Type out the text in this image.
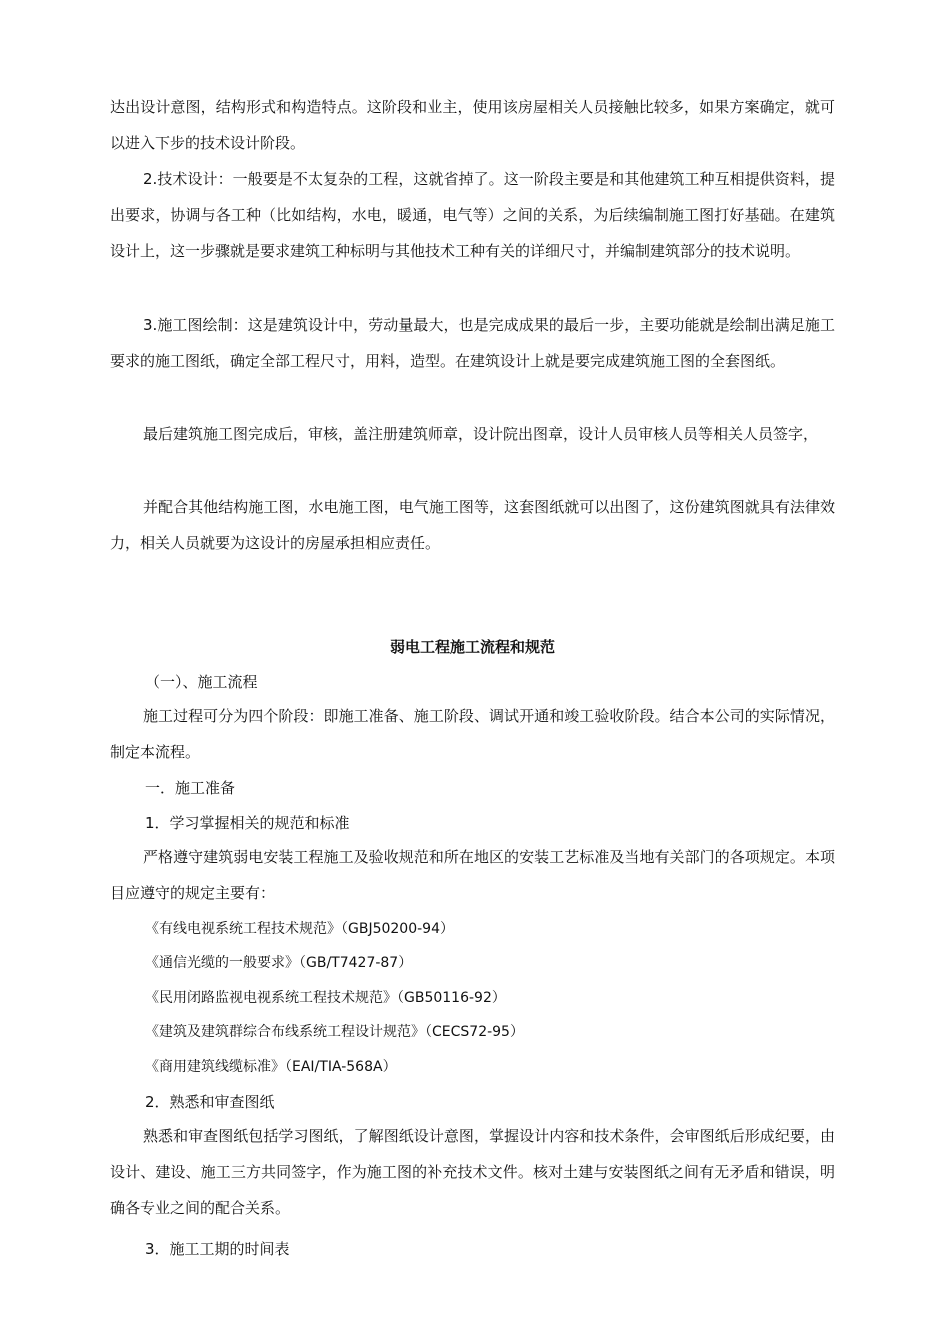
达出设计意图，结构形式和构造特点。这阶段和业主，使用该房屋相关人员接触比较多，如果方案确定，就可以进入下步的技术设计阶段。
2.技术设计：一般要是不太复杂的工程，这就省掉了。这一阶段主要是和其他建筑工种互相提供资料，提出要求，协调与各工种（比如结构，水电，暖通，电气等）之间的关系，为后续编制施工图打好基础。在建筑设计上，这一步骤就是要求建筑工种标明与其他技术工种有关的详细尺寸，并编制建筑部分的技术说明。
3.施工图绘制：这是建筑设计中，劳动量最大，也是完成成果的最后一步，主要功能就是绘制出满足施工要求的施工图纸，确定全部工程尺寸，用料，造型。在建筑设计上就是要完成建筑施工图的全套图纸。
最后建筑施工图完成后，审核，盖注册建筑师章，设计院出图章，设计人员审核人员等相关人员签字，
并配合其他结构施工图，水电施工图，电气施工图等，这套图纸就可以出图了，这份建筑图就具有法律效力，相关人员就要为这设计的房屋承担相应责任。
弱电工程施工流程和规范
（一）、施工流程
施工过程可分为四个阶段：即施工准备、施工阶段、调试开通和竣工验收阶段。结合本公司的实际情况，制定本流程。
一．施工准备
1．学习掌握相关的规范和标准
严格遵守建筑弱电安装工程施工及验收规范和所在地区的安装工艺标准及当地有关部门的各项规定。本项目应遵守的规定主要有：
《有线电视系统工程技术规范》（GBJ50200-94）
《通信光缆的一般要求》（GB/T7427-87）
《民用闭路监视电视系统工程技术规范》（GB50116-92）
《建筑及建筑群综合布线系统工程设计规范》（CECS72-95）
《商用建筑线缆标准》（EAI/TIA-568A）
2．熟悉和审查图纸
熟悉和审查图纸包括学习图纸，了解图纸设计意图，掌握设计内容和技术条件，会审图纸后形成纪要，由设计、建设、施工三方共同签字，作为施工图的补充技术文件。核对土建与安装图纸之间有无矛盾和错误，明确各专业之间的配合关系。
3．施工工期的时间表
